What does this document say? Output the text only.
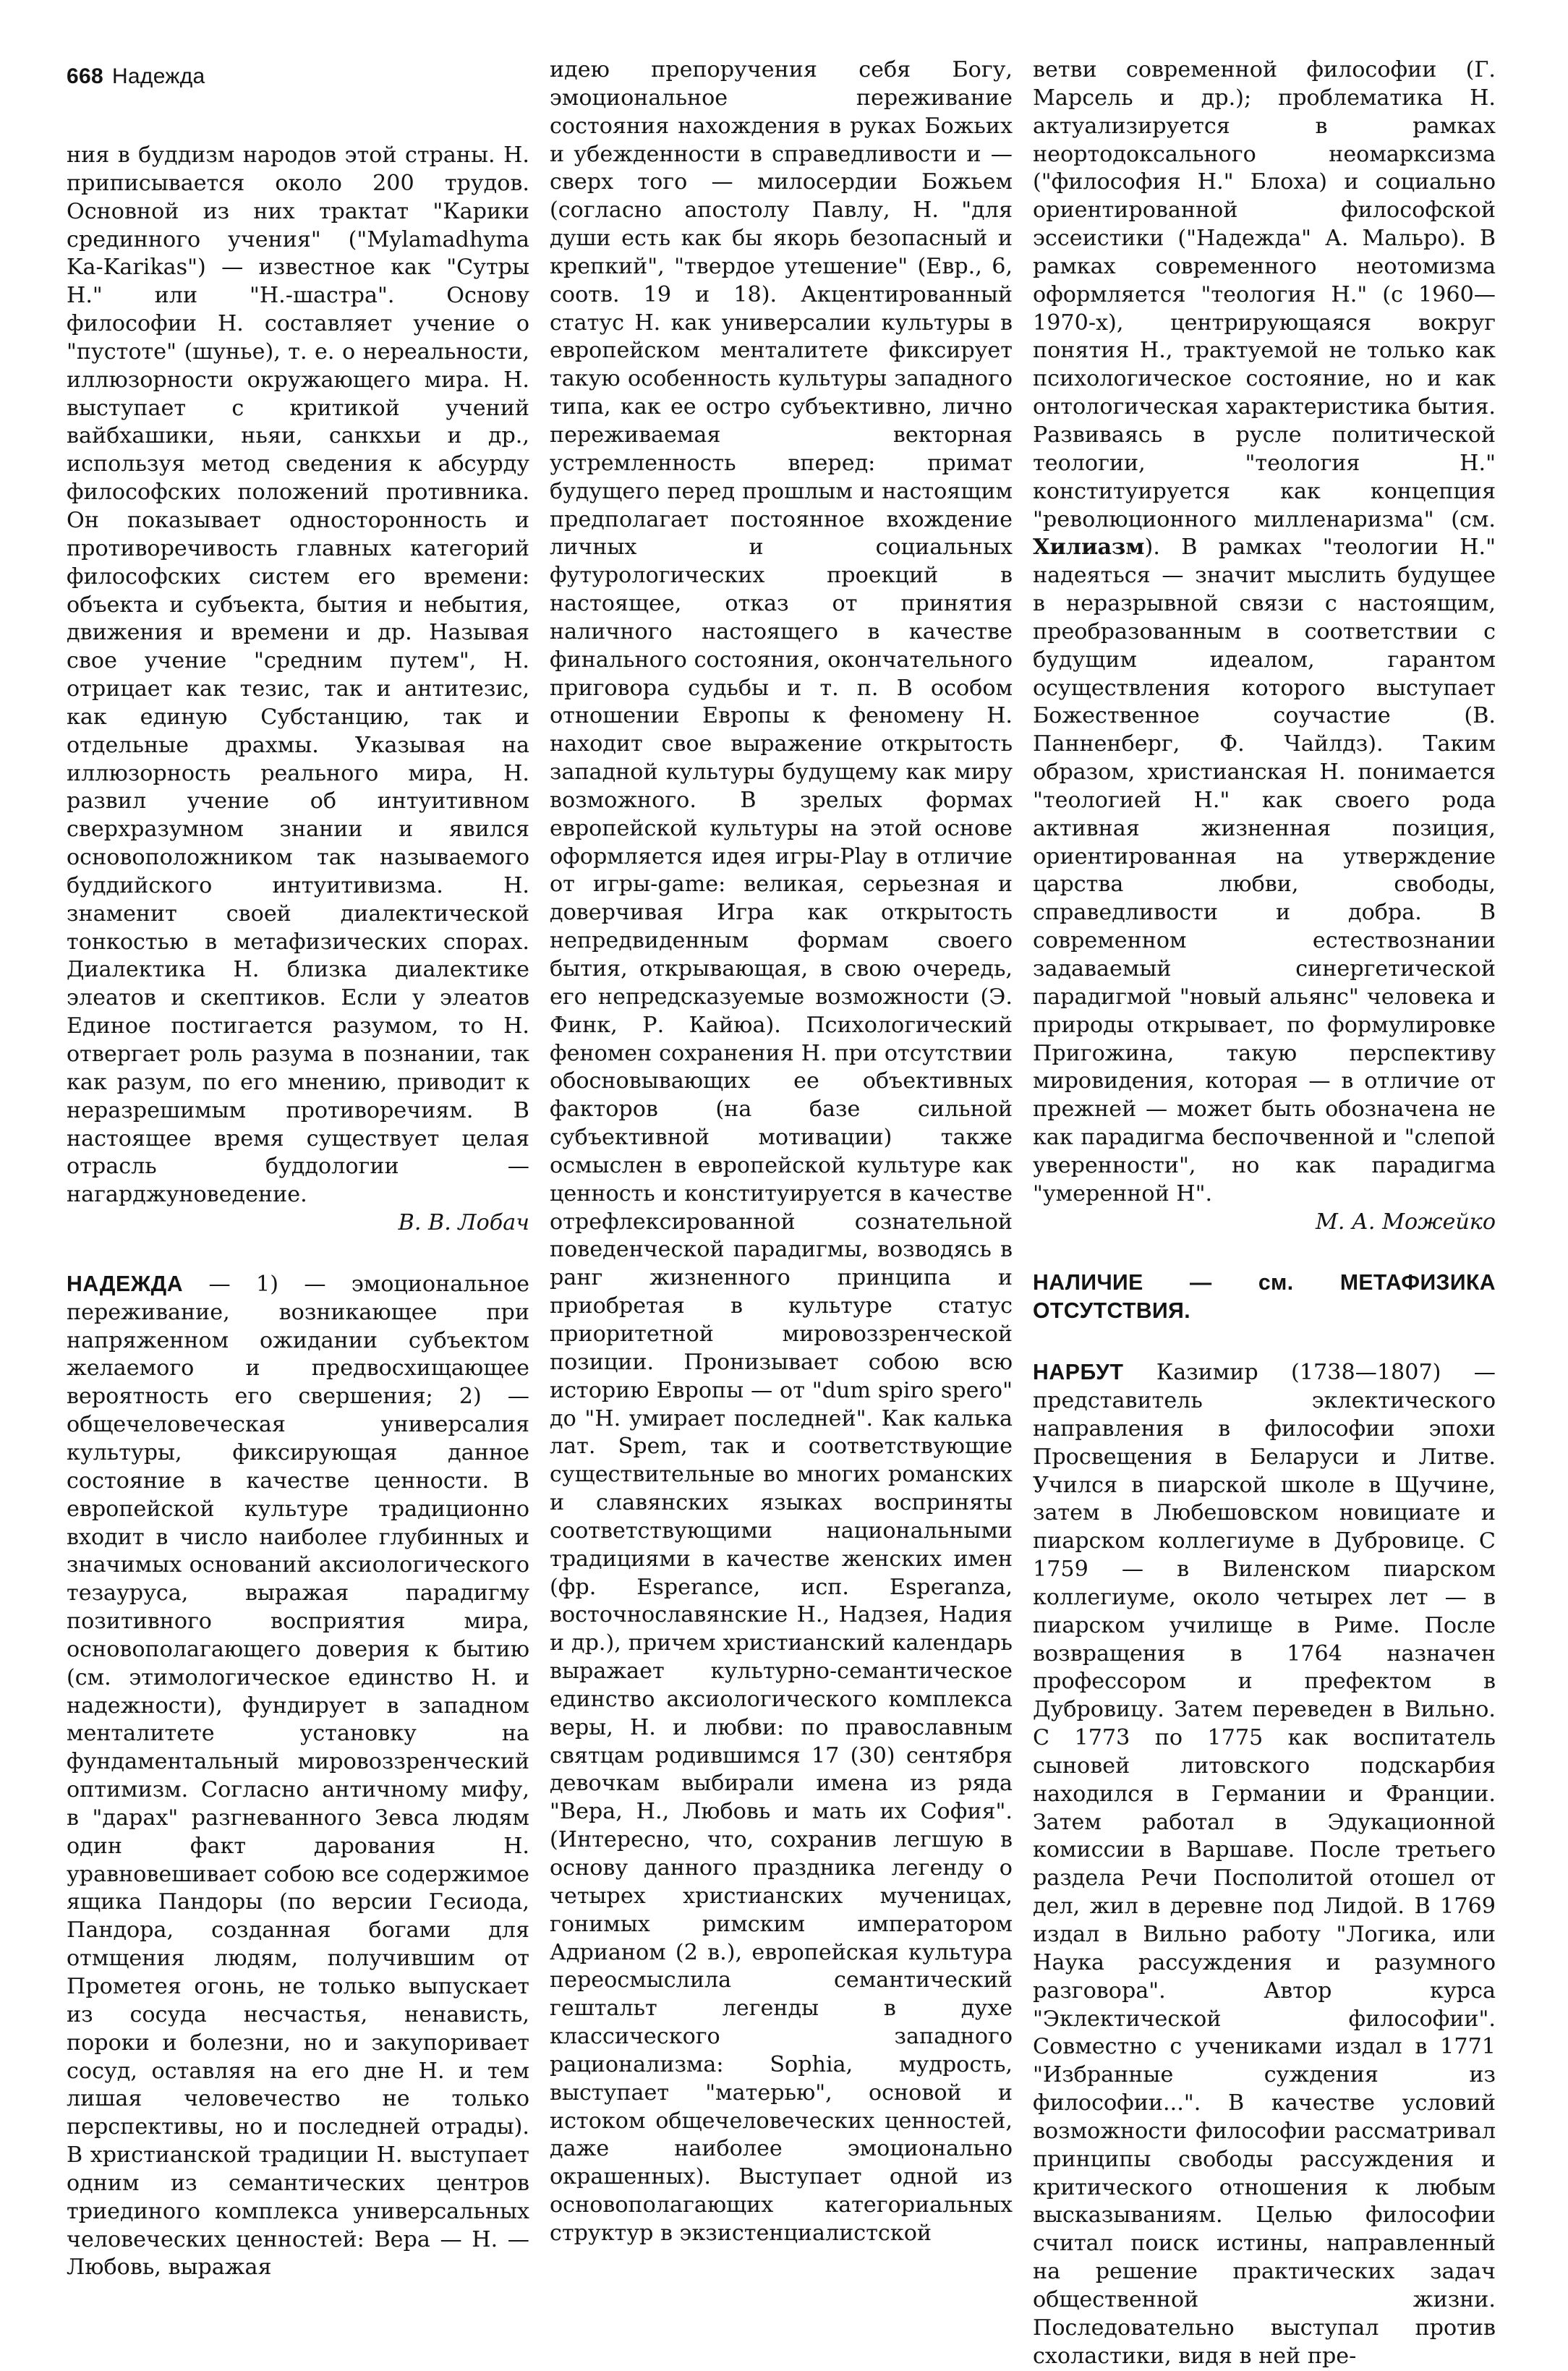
668 Надежда

ния в буддизм народов этой страны. Н. приписывается около 200 трудов. Основной из них трактат "Карики срединного учения" ("Mylamadhyma Ka-Karikas") — известное как "Сутры Н." или "Н.-шастра". Основу философии Н. составляет учение о "пустоте" (шунье), т. е. о нереальности, иллюзорности окружающего мира. Н. выступает с критикой учений вайбхашики, ньяи, санкхьи и др., используя метод сведения к абсурду философских положений противника. Он показывает односторонность и противоречивость главных категорий философских систем его времени: объекта и субъекта, бытия и небытия, движения и времени и др. Называя свое учение "средним путем", Н. отрицает как тезис, так и антитезис, как единую Субстанцию, так и отдельные драхмы. Указывая на иллюзорность реального мира, Н. развил учение об интуитивном сверхразумном знании и явился основоположником так называемого буддийского интуитивизма. Н. знаменит своей диалектической тонкостью в метафизических спорах. Диалектика Н. близка диалектике элеатов и скептиков. Если у элеатов Единое постигается разумом, то Н. отвергает роль разума в познании, так как разум, по его мнению, приводит к неразрешимым противоречиям. В настоящее время существует целая отрасль буддологии — нагарджуноведение.

В. В. Лобач

НАДЕЖДА — 1) — эмоциональное переживание, возникающее при напряженном ожидании субъектом желаемого и предвосхищающее вероятность его свершения; 2) — общечеловеческая универсалия культуры, фиксирующая данное состояние в качестве ценности. В европейской культуре традиционно входит в число наиболее глубинных и значимых оснований аксиологического тезауруса, выражая парадигму позитивного восприятия мира, основополагающего доверия к бытию (см. этимологическое единство Н. и надежности), фундирует в западном менталитете установку на фундаментальный мировоззренческий оптимизм. Согласно античному мифу, в "дарах" разгневанного Зевса людям один факт дарования Н. уравновешивает собою все содержимое ящика Пандоры (по версии Гесиода, Пандора, созданная богами для отмщения людям, получившим от Прометея огонь, не только выпускает из сосуда несчастья, ненависть, пороки и болезни, но и закупоривает сосуд, оставляя на его дне Н. и тем лишая человечество не только перспективы, но и последней отрады). В христианской традиции Н. выступает одним из семантических центров триединого комплекса универсальных человеческих ценностей: Вера — Н. — Любовь, выражая

идею препоручения себя Богу, эмоциональное переживание состояния нахождения в руках Божьих и убежденности в справедливости и — сверх того — милосердии Божьем (согласно апостолу Павлу, Н. "для души есть как бы якорь безопасный и крепкий", "твердое утешение" (Евр., 6, соотв. 19 и 18). Акцентированный статус Н. как универсалии культуры в европейском менталитете фиксирует такую особенность культуры западного типа, как ее остро субъективно, лично переживаемая векторная устремленность вперед: примат будущего перед прошлым и настоящим предполагает постоянное вхождение личных и социальных футурологических проекций в настоящее, отказ от принятия наличного настоящего в качестве финального состояния, окончательного приговора судьбы и т. п. В особом отношении Европы к феномену Н. находит свое выражение открытость западной культуры будущему как миру возможного. В зрелых формах европейской культуры на этой основе оформляется идея игры-Play в отличие от игры-game: великая, серьезная и доверчивая Игра как открытость непредвиденным формам своего бытия, открывающая, в свою очередь, его непредсказуемые возможности (Э. Финк, Р. Кайюа). Психологический феномен сохранения Н. при отсутствии обосновывающих ее объективных факторов (на базе сильной субъективной мотивации) также осмыслен в европейской культуре как ценность и конституируется в качестве отрефлексированной сознательной поведенческой парадигмы, возводясь в ранг жизненного принципа и приобретая в культуре статус приоритетной мировоззренческой позиции. Пронизывает собою всю историю Европы — от "dum spiro spero" до "Н. умирает последней". Как калька лат. Spem, так и соответствующие существительные во многих романских и славянских языках восприняты соответствующими национальными традициями в качестве женских имен (фр. Esperance, исп. Esperanza, восточнославянские Н., Надзея, Надия и др.), причем христианский календарь выражает культурно-семантическое единство аксиологического комплекса веры, Н. и любви: по православным святцам родившимся 17 (30) сентября девочкам выбирали имена из ряда "Вера, Н., Любовь и мать их София". (Интересно, что, сохранив легшую в основу данного праздника легенду о четырех христианских мученицах, гонимых римским императором Адрианом (2 в.), европейская культура переосмыслила семантический гештальт легенды в духе классического западного рационализма: Sophia, мудрость, выступает "матерью", основой и истоком общечеловеческих ценностей, даже наиболее эмоционально окрашенных). Выступает одной из основополагающих категориальных структур в экзистенциалистской

ветви современной философии (Г. Марсель и др.); проблематика Н. актуализируется в рамках неортодоксального неомарксизма ("философия Н." Блоха) и социально ориентированной философской эссеистики ("Надежда" А. Мальро). В рамках современного неотомизма оформляется "теология Н." (с 1960—1970-х), центрирующаяся вокруг понятия Н., трактуемой не только как психологическое состояние, но и как онтологическая характеристика бытия. Развиваясь в русле политической теологии, "теология Н." конституируется как концепция "революционного милленаризма" (см. Хилиазм). В рамках "теологии Н." надеяться — значит мыслить будущее в неразрывной связи с настоящим, преобразованным в соответствии с будущим идеалом, гарантом осуществления которого выступает Божественное соучастие (В. Панненберг, Ф. Чайлдз). Таким образом, христианская Н. понимается "теологией Н." как своего рода активная жизненная позиция, ориентированная на утверждение царства любви, свободы, справедливости и добра. В современном естествознании задаваемый синергетической парадигмой "новый альянс" человека и природы открывает, по формулировке Пригожина, такую перспективу мировидения, которая — в отличие от прежней — может быть обозначена не как парадигма беспочвенной и "слепой уверенности", но как парадигма "умеренной Н".

М. А. Можейко

НАЛИЧИЕ — см. МЕТАФИЗИКА ОТСУТСТВИЯ.

НАРБУТ Казимир (1738—1807) — представитель эклектического направления в философии эпохи Просвещения в Беларуси и Литве. Учился в пиарской школе в Щучине, затем в Любешовском новициате и пиарском коллегиуме в Дубровице. С 1759 — в Виленском пиарском коллегиуме, около четырех лет — в пиарском училище в Риме. После возвращения в 1764 назначен профессором и префектом в Дубровицу. Затем переведен в Вильно. С 1773 по 1775 как воспитатель сыновей литовского подскарбия находился в Германии и Франции. Затем работал в Эдукационной комиссии в Варшаве. После третьего раздела Речи Посполитой отошел от дел, жил в деревне под Лидой. В 1769 издал в Вильно работу "Логика, или Наука рассуждения и разумного разговора". Автор курса "Эклектической философии". Совместно с учениками издал в 1771 "Избранные суждения из философии...". В качестве условий возможности философии рассматривал принципы свободы рассуждения и критического отношения к любым высказываниям. Целью философии считал поиск истины, направленный на решение практических задач общественной жизни. Последовательно выступал против схоластики, видя в ней пре-
